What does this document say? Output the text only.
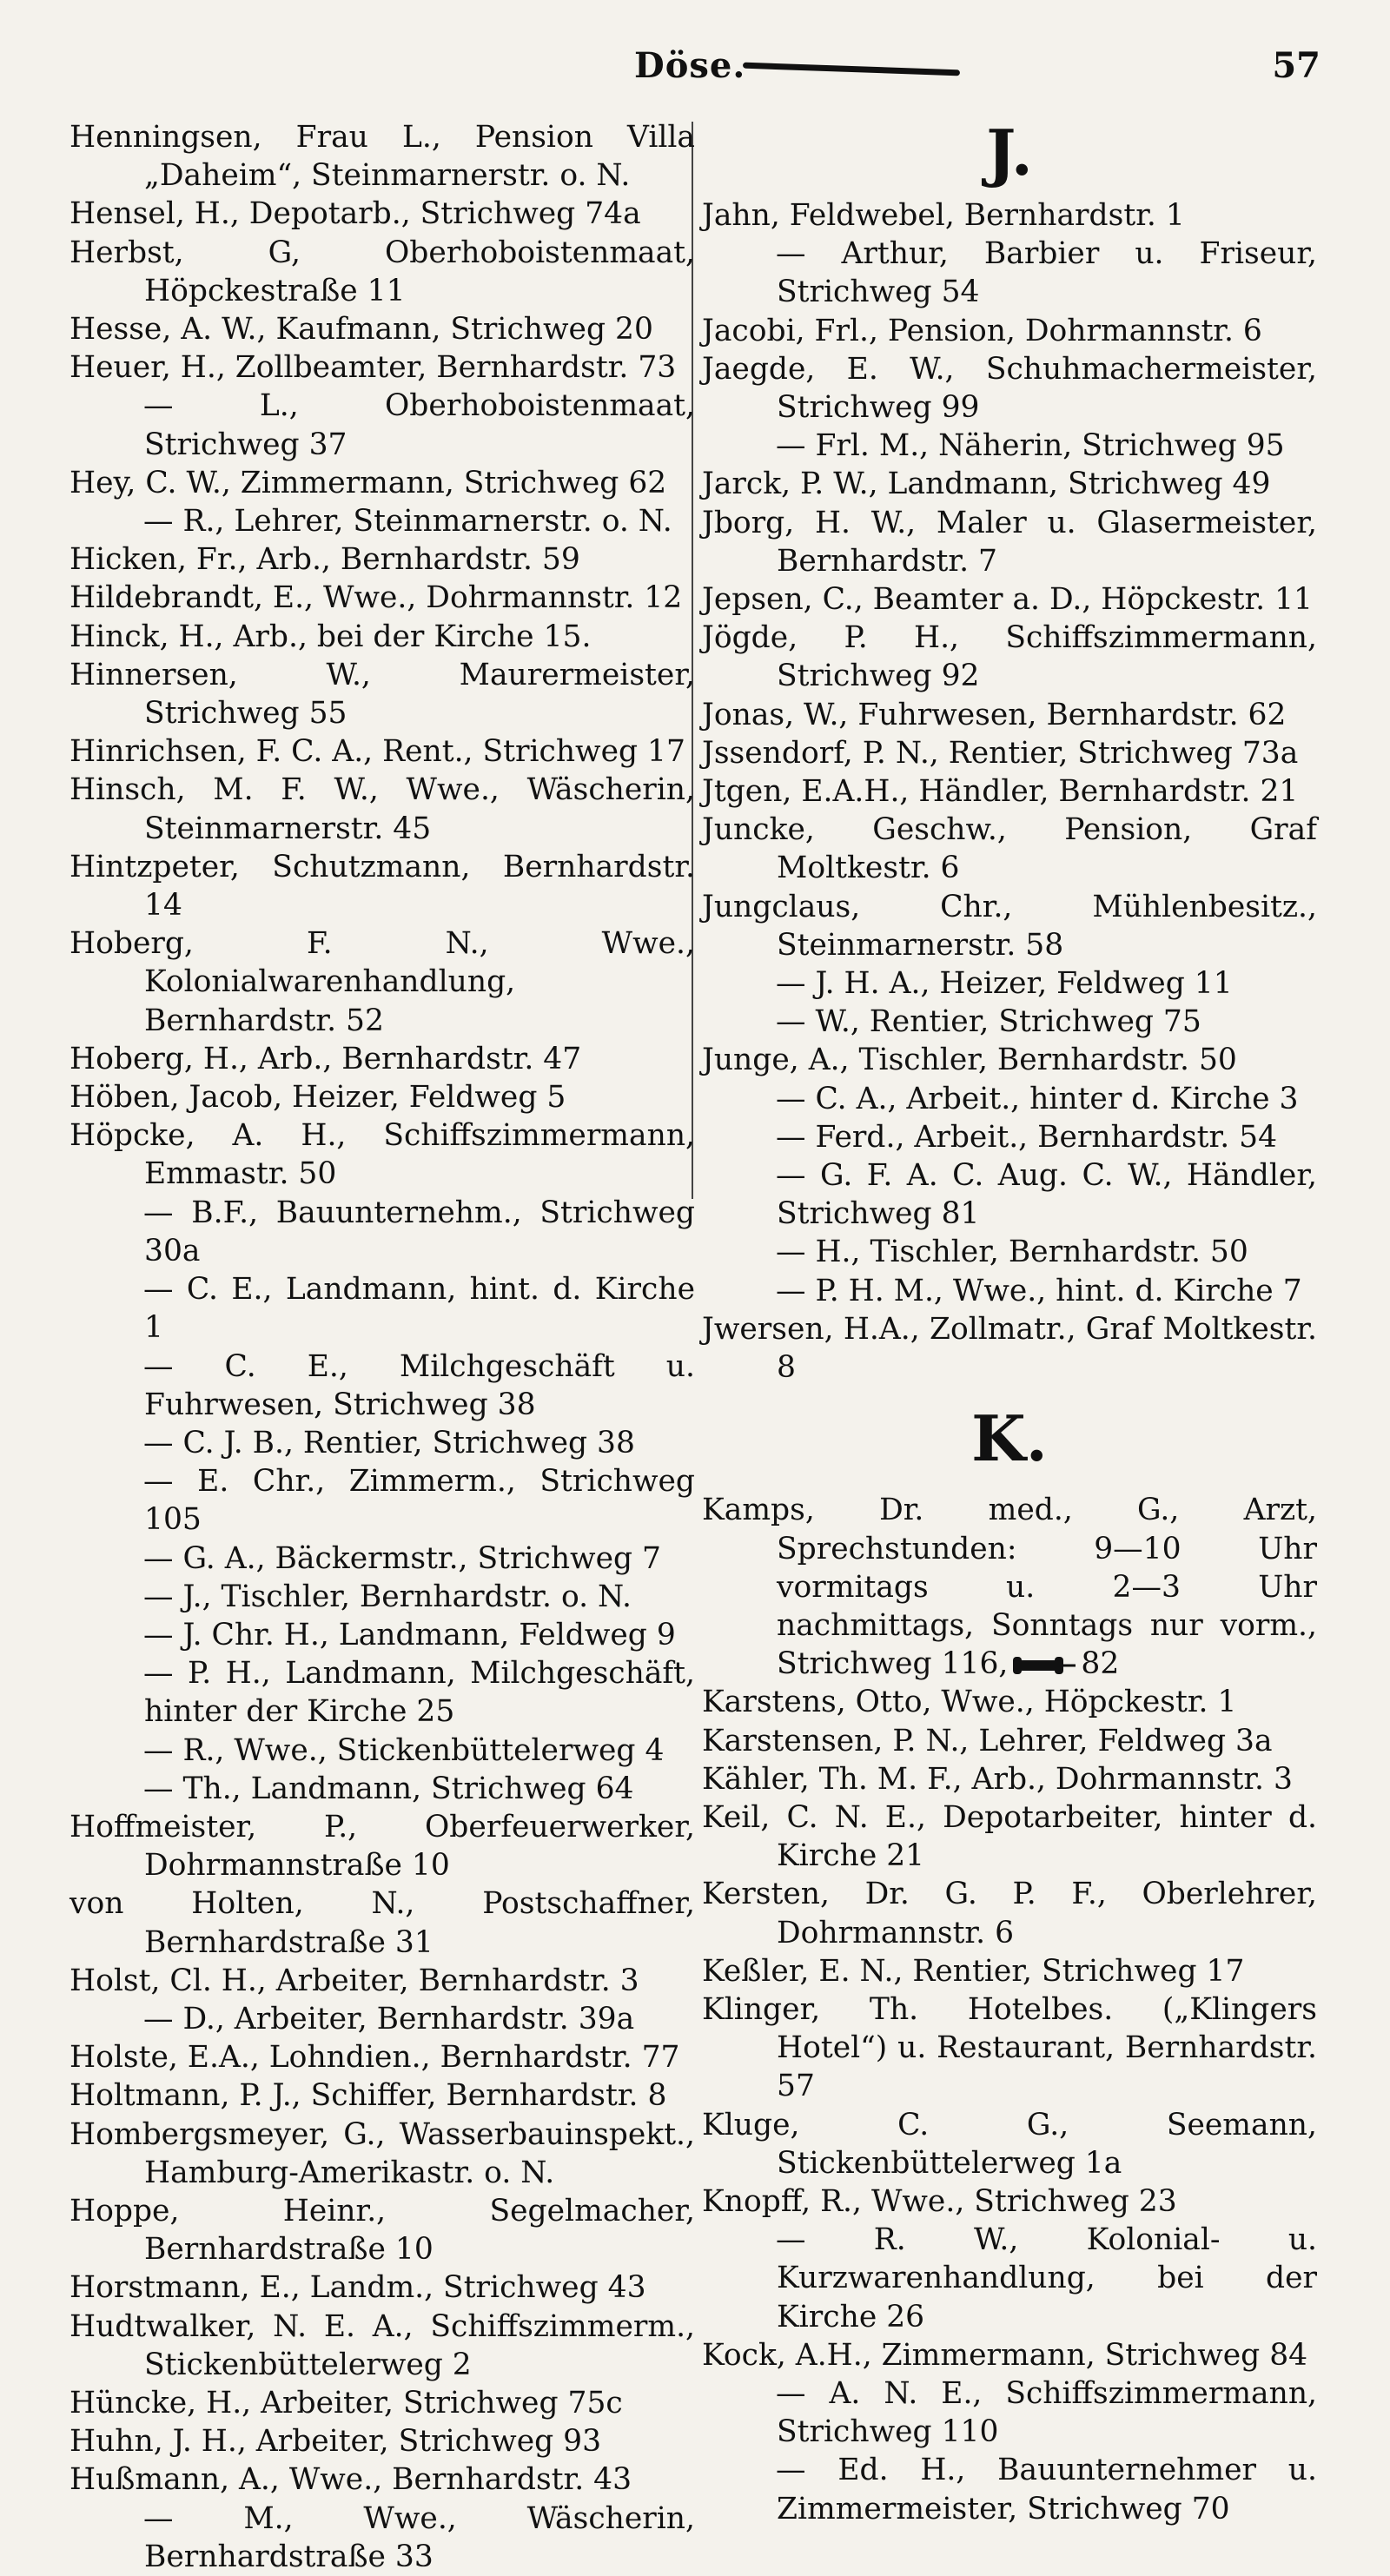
Döse.	57
Henningsen, Frau L., Pension Villa „Daheim“, Steinmarnerstr. o. N.
Hensel, H., Depotarb., Strichweg 74a
Herbst, G, Oberhoboistenmaat, Höpckestraße 11
Hesse, A. W., Kaufmann, Strichweg 20
Heuer, H., Zollbeamter, Bernhardstr. 73
— L., Oberhoboistenmaat, Strichweg 37
Hey, C. W., Zimmermann, Strichweg 62
— R., Lehrer, Steinmarnerstr. o. N.
Hicken, Fr., Arb., Bernhardstr. 59
Hildebrandt, E., Wwe., Dohrmannstr. 12
Hinck, H., Arb., bei der Kirche 15.
Hinnersen, W., Maurermeister, Strichweg 55
Hinrichsen, F. C. A., Rent., Strichweg 17
Hinsch, M. F. W., Wwe., Wäscherin, Steinmarnerstr. 45
Hintzpeter, Schutzmann, Bernhardstr. 14
Hoberg, F. N., Wwe., Kolonialwarenhandlung, Bernhardstr. 52
Hoberg, H., Arb., Bernhardstr. 47
Höben, Jacob, Heizer, Feldweg 5
Höpcke, A. H., Schiffszimmermann, Emmastr. 50
— B.F., Bauunternehm., Strichweg 30a
— C. E., Landmann, hint. d. Kirche 1
— C. E., Milchgeschäft u. Fuhrwesen, Strichweg 38
— C. J. B., Rentier, Strichweg 38
— E. Chr., Zimmerm., Strichweg 105
— G. A., Bäckermstr., Strichweg 7
— J., Tischler, Bernhardstr. o. N.
— J. Chr. H., Landmann, Feldweg 9
— P. H., Landmann, Milchgeschäft, hinter der Kirche 25
— R., Wwe., Stickenbüttelerweg 4
— Th., Landmann, Strichweg 64
Hoffmeister, P., Oberfeuerwerker, Dohrmannstraße 10
von Holten, N., Postschaffner, Bernhardstraße 31
Holst, Cl. H., Arbeiter, Bernhardstr. 3
— D., Arbeiter, Bernhardstr. 39a
Holste, E.A., Lohndien., Bernhardstr. 77
Holtmann, P. J., Schiffer, Bernhardstr. 8
Hombergsmeyer, G., Wasserbauinspekt., Hamburg-Amerikastr. o. N.
Hoppe, Heinr., Segelmacher, Bernhardstraße 10
Horstmann, E., Landm., Strichweg 43
Hudtwalker, N. E. A., Schiffszimmerm., Stickenbüttelerweg 2
Hüncke, H., Arbeiter, Strichweg 75c
Huhn, J. H., Arbeiter, Strichweg 93
Hußmann, A., Wwe., Bernhardstr. 43
— M., Wwe., Wäscherin, Bernhardstraße 33
J.
Jahn, Feldwebel, Bernhardstr. 1
— Arthur, Barbier u. Friseur, Strichweg 54
Jacobi, Frl., Pension, Dohrmannstr. 6
Jaegde, E. W., Schuhmachermeister, Strichweg 99
— Frl. M., Näherin, Strichweg 95
Jarck, P. W., Landmann, Strichweg 49
Jborg, H. W., Maler u. Glasermeister, Bernhardstr. 7
Jepsen, C., Beamter a. D., Höpckestr. 11
Jögde, P. H., Schiffszimmermann, Strichweg 92
Jonas, W., Fuhrwesen, Bernhardstr. 62
Jssendorf, P. N., Rentier, Strichweg 73a
Jtgen, E.A.H., Händler, Bernhardstr. 21
Juncke, Geschw., Pension, Graf Moltkestr. 6
Jungclaus, Chr., Mühlenbesitz., Steinmarnerstr. 58
— J. H. A., Heizer, Feldweg 11
— W., Rentier, Strichweg 75
Junge, A., Tischler, Bernhardstr. 50
— C. A., Arbeit., hinter d. Kirche 3
— Ferd., Arbeit., Bernhardstr. 54
— G. F. A. C. Aug. C. W., Händler, Strichweg 81
— H., Tischler, Bernhardstr. 50
— P. H. M., Wwe., hint. d. Kirche 7
Jwersen, H.A., Zollmatr., Graf Moltkestr. 8
K.
Kamps, Dr. med., G., Arzt, Sprechstunden: 9—10 Uhr vormitags u. 2—3 Uhr nachmittags, Sonntags nur vorm., Strichweg 116, 82
Karstens, Otto, Wwe., Höpckestr. 1
Karstensen, P. N., Lehrer, Feldweg 3a
Kähler, Th. M. F., Arb., Dohrmannstr. 3
Keil, C. N. E., Depotarbeiter, hinter d. Kirche 21
Kersten, Dr. G. P. F., Oberlehrer, Dohrmannstr. 6
Keßler, E. N., Rentier, Strichweg 17
Klinger, Th. Hotelbes. („Klingers Hotel“) u. Restaurant, Bernhardstr. 57
Kluge, C. G., Seemann, Stickenbüttelerweg 1a
Knopff, R., Wwe., Strichweg 23
— R. W., Kolonial- u. Kurzwarenhandlung, bei der Kirche 26
Kock, A.H., Zimmermann, Strichweg 84
— A. N. E., Schiffszimmermann, Strichweg 110
— Ed. H., Bauunternehmer u. Zimmermeister, Strichweg 70
